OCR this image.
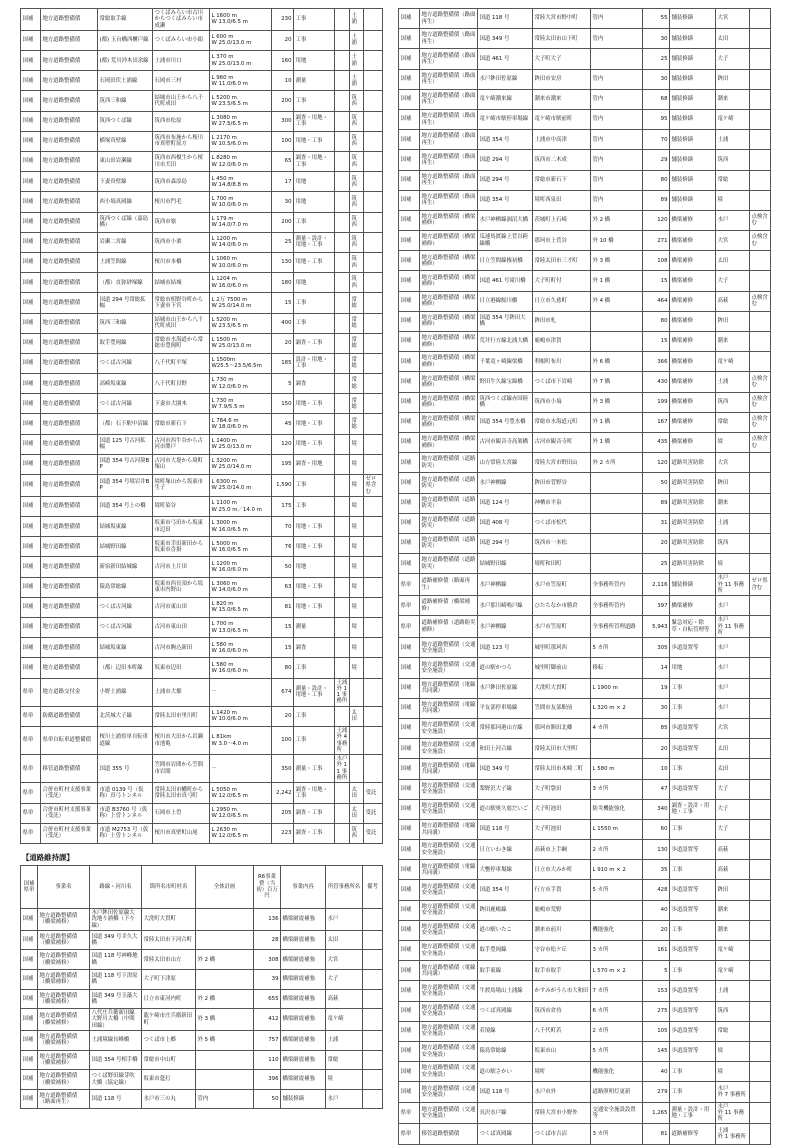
国補	地方道路整備債	常総取手線	つくばみらい市古川からつくばみらい市成瀬	L 1600 m
W 13.0/6.5 m	230	工事		土浦	
国補	地方道路整備債	(都) 玉台橋西櫃戸線	つくばみらい市小絹	L 600 m
W 25.0/13.0 m	20	工事		土浦	
国補	地方道路整備債	(都) 荒川沖木田余線	土浦市川口	L 370 m
W 25.0/13.0 m	160	用地		土浦	
国補	地方道路整備債	石岡田伏土浦線	石岡市三村	L 960 m
W 11.0/6.0 m	10	測量		土浦	
国補	地方道路整備債	筑西三和線	結城市山王から八千代町成田	L 5200 m
W 23.5/6.5 m	200	工事		筑西	
国補	地方道路整備債	筑西つくば線	筑西市松原	L 3080 m
W 27.5/6.5 m	300	調査・用地・工事		筑西	
国補	地方道路整備債	横塚真壁線	筑西市布施から桜川市真壁町原方	L 2170 m
W 10.5/6.0 m	100	用地・工事		筑西	
国補	地方道路整備債	東山田岩瀬線	筑西市西榎生から桜川市犬田	L 8280 m
W 12.0/6.0 m	65	調査・用地・工事		筑西	
国補	地方道路整備債	下妻真壁線	筑西市森添島	L 450 m
W 14.8/8.8 m	17	用地		筑西	
国補	地方道路整備債	西小塙真岡線	桜川市門毛	L 700 m
W 10.0/6.0 m	30	用地		筑西	
国補	地方道路整備債	筑西つくば線（嘉島橋）	筑西市嶺	L 179 m
W 14.0/7.0 m	200	工事		筑西	
国補	地方道路整備債	岩瀬二宮線	筑西市小栗	L 1200 m
W 14.0/6.0 m	25	測量・設計・用地・工事		筑西	
国補	地方道路整備債	土浦笠間線	桜川市本橋	L 1060 m
W 10.0/6.0 m	130	用地・工事		筑西	
国補	地方道路整備債	（都）直弥砂塚線	結城市結城	L 1204 m
W 16.0/6.0 m	180	用地		筑西	
国補	地方道路整備債	国道 294 号常総拡幅	常総市相野谷町から下妻市下宮	L 2万 7500 m
W 25.0/14.0 m	15	工事		常総	
国補	地方道路整備債	筑西三和線	結城市山王から八千代町成田	L 5200 m
W 23.5/6.5 m	400	工事		常総	
国補	地方道路整備債	取手豊岡線	常総市水海道から常総市豊岡町	L 1500 m
W 25.0/13.0 m	20	調査・工事		常総	
国補	地方道路整備債	つくば古河線	八千代町平塚	L 1500m
W25.5～23.5/6.5m	185	設計・用地・工事		常総	
国補	地方道路整備債	高崎坂東線	八千代町貝野	L 730 m
W 12.0/6.0 m	5	調査		常総	
国補	地方道路整備債	つくば古河線	下妻市大園木	L 730 m
W 7.9/5.5 m	150	用地・工事		常総	
国補	地方道路整備債	（都）石下駅中沼線	常総市新石下	L 784.6 m
W 18.0/6.0 m	45	用地・工事		常総	
国補	地方道路整備債	国道 125 号古河拡幅	古河市西牛谷から古河市関戸	L 1400 m
W 25.0/13.0 m	120	用地・工事		境	
国補	地方道路整備債	国道 354 号古河境BP	古河市大堤から境町塚山	L 3200 m
W 25.0/14.0 m	195	調査・用地		境	
国補	地方道路整備債	国道 354 号境岩井BP	境町塚山から坂東市生子	L 6300 m
W 25.0/14.0 m	1,590	工事		境	ゼロ県含む
国補	地方道路整備債	国道 354 号上の橋	境町染谷	L 1100 m
W 25.0 m／14.0 m	175	工事		境	
国補	地方道路整備債	結城坂東線	坂東市弓田から坂東市辺田	L 3000 m
W 16.0/6.5 m	70	用地・工事		境	
国補	地方道路整備債	結城野田線	坂東市幸田新田から坂東市沓掛	L 5000 m
W 16.0/6.5 m	76	用地・工事		境	
国補	地方道路整備債	新宿新田結城線	古河市上片田	L 1200 m
W 16.0/6.0 m	50	用地		境	
国補	地方道路整備債	猿島常総線	坂東市西長須から坂東市内野山	L 3060 m
W 14.0/6.0 m	63	用地・工事		境	
国補	地方道路整備債	つくば古河線	古河市東山田	L 820 m
W 15.0/6.5 m	81	用地・工事		境	
国補	地方道路整備債	つくば古河線	古河市東山田	L 700 m
W 13.0/6.5 m	15	測量		境	
国補	地方道路整備債	結城坂東線	古河市駒込新田	L 580 m
W 16.0/6.0 m	15	調査		境	
国補	地方道路整備債	（都）辺田本町線	坂東市辺田	L 580 m
W 16.0/6.0 m	80	工事		境	
県単	地方道路交付金	小野土浦線	土浦市大畑	－	674	測量・設計・用地・工事	土浦
外 11 事務所		
県単	防衛道路整備債	北茨城大子線	常陸太田市里川町	L 1420 m
W 10.0/6.0 m	20	工事		太田	
県単	県単自転車道整備債	桜川土浦県単自転車道線	桜川市大田から岩瀬市池亀	L 81km
W 3.0～4.0 m	100	工事	土浦
外 4 事務所		
県単	移管道路整備債	国道 355 号	笠間市岩間から笠間市岩間	－	350	測量・工事	水戸
外 11 事務所		
県単	合併市町村支援事業（受託）	市道 0139 号（仮称）真弓トンネル	常陸太田市幡町から常陸太田市真弓町	L 5050 m
W 12.0/6.5 m	2,242	調査・用地・工事		太田	受託
県単	合併市町村支援事業（受託）	市道 B3760 号（仮称）上曽トンネル	石岡市上曽	L 2950 m
W 12.0/6.5 m	205	調査・工事		太田	受託
県単	合併市町村支援事業（受託）	市道 M2753 号（仮称）上曽トンネル	桜川市真壁町山尾	L 2630 m
W 12.0/6.5 m	223	調査・工事		筑西	受託
【道路維持課】
国補県単	事業名	路線・河川名	箇所名市町村名	全体計画	R6事業費（当初）百万円	事業内容	所管事務所名	備考
国補	地方道路整備債（橋梁補修）	水戸鉾田佐原線大洗地り浦橋（下り線）	大洗町大貫町		136	橋梁耐震補強	水戸	
国補	地方道路整備債（橋梁補修）	国道 349 号幸久大橋	常陸太田市下河合町		28	橋梁耐震補強	太田	
国補	地方道路整備債（橋梁補修）	国道 118 号神峰地橋	常陸太田市山方	外 2 橋	308	橋梁耐震補強	大宮	
国補	地方道路整備債（橋梁補修）	国道 118 号下津原橋	大子町下津原		39	橋梁耐震補強	大子	
国補	地方道路整備債（橋梁補修）	国道 349 号玉藻大橋	日立市東河内町	外 2 橋	655	橋梁耐震補強	高萩	
国補	地方道路整備債（橋梁補修）	八代庄兵衛新田線
大野川大橋（中間田線）	龍ケ崎市庄兵衛新田町	外 3 橋	412	橋梁耐震補強	竜ケ崎	
国補	地方道路整備債（橋梁補修）	土浦境線長峰橋	つくば市上郷	外 5 橋	757	橋梁耐震補強	土浦	
国補	地方道路整備債（橋梁補修）	国道 354 号相手橋	常総市中山町		110	橋梁耐震補強	常総	
国補	地方道路整備債（橋梁補修）	つくば野田線芽吹大橋（協定線）	坂東市莚打		396	橋梁耐震補強	境	
国補	地方道路整備債（路面再生）	国道 118 号	水戸市三の丸	管内	50	舗装修繕	水戸	
国補	地方道路整備債（路面再生）	国道 118 号	常陸大宮市野中町	管内	55	舗装修繕	大宮	
国補	地方道路整備債（路面再生）	国道 349 号	常陸太田市山下町	管内	30	舗装修繕	太田	
国補	地方道路整備債（路面再生）	国道 461 号	大子町大子		25	舗装修繕	大子	
国補	地方道路整備債（路面再生）	水戸鉾田佐原線	鉾田市安房	管内	30	舗装修繕	鉾田	
国補	地方道路整備債（路面再生）	竜ケ崎潮来線	潮来市潮来	管内	68	舗装修繕	潮来	
国補	地方道路整備債（路面再生）	竜ケ崎市駅停車場線	竜ケ崎市駅前町	管内	95	舗装修繕	竜ケ崎	
国補	地方道路整備債（路面再生）	国道 354 号	土浦市中高津	管内	70	舗装修繕	土浦	
国補	地方道路整備債（路面再生）	国道 294 号	筑西市二木成	管内	29	舗装修繕	筑西	
国補	地方道路整備債（路面再生）	国道 294 号	常総市新石下	管内	80	舗装修繕	常総	
国補	地方道路整備債（路面再生）	国道 354 号	境町西泉田	管内	89	舗装修繕	境	
国補	地方道路整備債（橋梁補修）	水戸神栖線涸沼大橋	茨城町上石崎	外 2 橋	120	橋梁補修	水戸	点検含む
国補	地方道路整備債（橋梁補修）	瓜連馬渡線上菅谷跨線橋	那珂市上菅谷	外 10 橋	271	橋梁補修	大宮	点検含む
国補	地方道路整備債（橋梁補修）	日立笠間線権初橋	常陸太田市三才町	外 3 橋	108	橋梁補修	太田	
国補	地方道路整備債（橋梁補修）	国道 461 号滝川橋	大子町町付	外 1 橋	15	橋梁補修	大子	
国補	地方道路整備債（橋梁補修）	日立港線鮎川橋	日立市久慈町	外 4 橋	464	橋梁補修	高萩	点検含む
国補	地方道路整備債（橋梁補修）	国道 354 号鉾田大橋	鉾田市札		80	橋梁補修	鉾田	
国補	地方道路整備債（橋梁補修）	荒井行方線北浦大橋	鹿嶋市津賀		15	橋梁補修	潮来	
国補	地方道路整備債（橋梁補修）	千葉竜ヶ崎線梁橋	利根町布川	外 6 橋	366	橋梁補修	竜ケ崎	
国補	地方道路整備債（橋梁補修）	野田牛久線宝綿橋	つくば市下岩崎	外 7 橋	430	橋梁補修	土浦	点検含む
国補	地方道路整備債（橋梁補修）	筑西つくば線赤国陸橋	筑西市小塙	外 3 橋	199	橋梁補修	筑西	点検含む
国補	地方道路整備債（橋梁補修）	国道 354 号豊水橋	常総市水海道元町	外 1 橋	167	橋梁補修	常総	点検含む
国補	地方道路整備債（橋梁補修）	古河市観音寺高架橋	古河市観音寺町	外 1 橋	435	橋梁補修	境	点検含む
国補	地方道路整備債（道路防災）	山方常陸大宮線	常陸大宮市野田山	外 2 カ所	120	道路災害防除	大宮	
国補	地方道路整備債（道路防災）	水戸神栖線	鉾田市菅野谷		50	道路災害防除	鉾田	
国補	地方道路整備債（道路防災）	国道 124 号	神栖市平泉		89	道路災害防除	潮来	
国補	地方道路整備債（道路防災）	国道 408 号	つくば市松代		31	道路災害防除	土浦	
国補	地方道路整備債（道路防災）	国道 294 号	筑西市一本松		20	道路災害防除	筑西	
国補	地方道路整備債（道路防災）	結城野田線	境町和田町		25	道路災害防除	境	
県単	道路補修債（路面再生）	水戸神栖線	水戸市笠原町	全事務所管内	2,116	舗装修繕	水戸
外 11 事務所	ゼロ県含む
県単	道路補修債（橋梁補修）	水戸那川崎鳴戸線	ひたちなか市勝倉	全事務所管内	397	橋梁補修	水戸	
県単	道路補修債（道路防災補修）	水戸神栖線	水戸市笠原町	全事務所管理道路	5,943	緊急対応・除草・自転管理等	水戸
外 11 事務所	
国補	地方道路整備債（交通安全施設）	国道 123 号	城里町那珂西	5 カ所	305	歩道設置等	水戸	
国補	地方道路整備債（交通安全施設）	道の駅かつら	城里町御前山	移転	14	用地	水戸	
国補	地方道路整備債（電線共同溝）	水戸鉾田佐原線	大洗町大貫町	L 1900 m	19	工事	水戸	
国補	地方道路整備債（電線共同溝）	平友部停車場線	笠間市友部駅前	L 320 m × 2	30	工事	水戸	
国補	地方道路整備債（交通安全施設）	常陸那珂港山方線	那珂市額田北郷	4 カ所	85	歩道設置等	大宮	
国補	地方道路整備債（交通安全施設）	和田上河合線	常陸太田市大里町		20	歩道設置等	太田	
国補	地方道路整備債（電線共同溝）	国道 349 号	常陸太田市木崎二町	L 580 m	10	工事	太田	
国補	地方道路整備債（交通安全施設）	梨野沢大子線	大子町袋田	3 カ所	47	歩道設置等	大子	
国補	地方道路整備債（交通安全施設）	道の駅奥久慈だいご	大子町池田	防災機能強化	340	調査・設計・用地・工事	大子	
国補	地方道路整備債（電線共同溝）	国道 118 号	大子町池田	L 1550 m	60	工事	大子	
国補	地方道路整備債（交通安全施設）	日立いわき線	高萩市上手綱	2 カ所	130	歩道設置等	高萩	
国補	地方道路整備債（電線共同溝）	大甕停車場線	日立市大みか町	L 910 m × 2	35	工事	高萩	
国補	地方道路整備債（交通安全施設）	国道 354 号	行方市手賀	5 カ所	428	歩道設置等	鉾田	
国補	地方道路整備債（交通安全施設）	鉾田鹿嶋線	鹿嶋市荒野		40	歩道設置等	潮来	
国補	地方道路整備債（交通安全施設）	道の駅いたこ	潮来市前川	機能強化	20	工事	潮来	
国補	地方道路整備債（交通安全施設）	取手豊岡線	守谷市松ケ丘	3 カ所	161	歩道設置等	竜ケ崎	
国補	地方道路整備債（電線共同溝）	取手東線	取手市取手	L 570 m × 2	5	工事	竜ケ崎	
国補	地方道路整備債（交通安全施設）	牛渡馬場山土浦線	かすみがうら市大和田	7 カ所	153	歩道設置等	土浦	
国補	地方道路整備債（交通安全施設）	つくば真岡線	筑西市倉持	6 カ所	275	歩道設置等	筑西	
国補	地方道路整備債（交通安全施設）	若境線	八千代町若	2 カ所	105	歩道設置等	常総	
国補	地方道路整備債（交通安全施設）	猿島常総線	坂東市山	5 カ所	145	歩道設置等	境	
国補	地方道路整備債（交通安全施設）	道の駅さかい	境町	機能強化	40	工事	境	
国補	地方道路整備債（交通安全施設）	国道 118 号	水戸市外	道路照明灯更新	279	工事	水戸
外 7 事務所	
県単	地方道路整備債（交通安全施設）	長沢水戸線	常陸大宮市小野外	交通安全施設設置等	1,265	測量・設計・用地・工事	水戸
外 11 事務所	
県単	移管道路整備債	つくば真岡線	つくば市吉沼	3 カ所	81	道路補修等	土浦
外 1 事務所	
